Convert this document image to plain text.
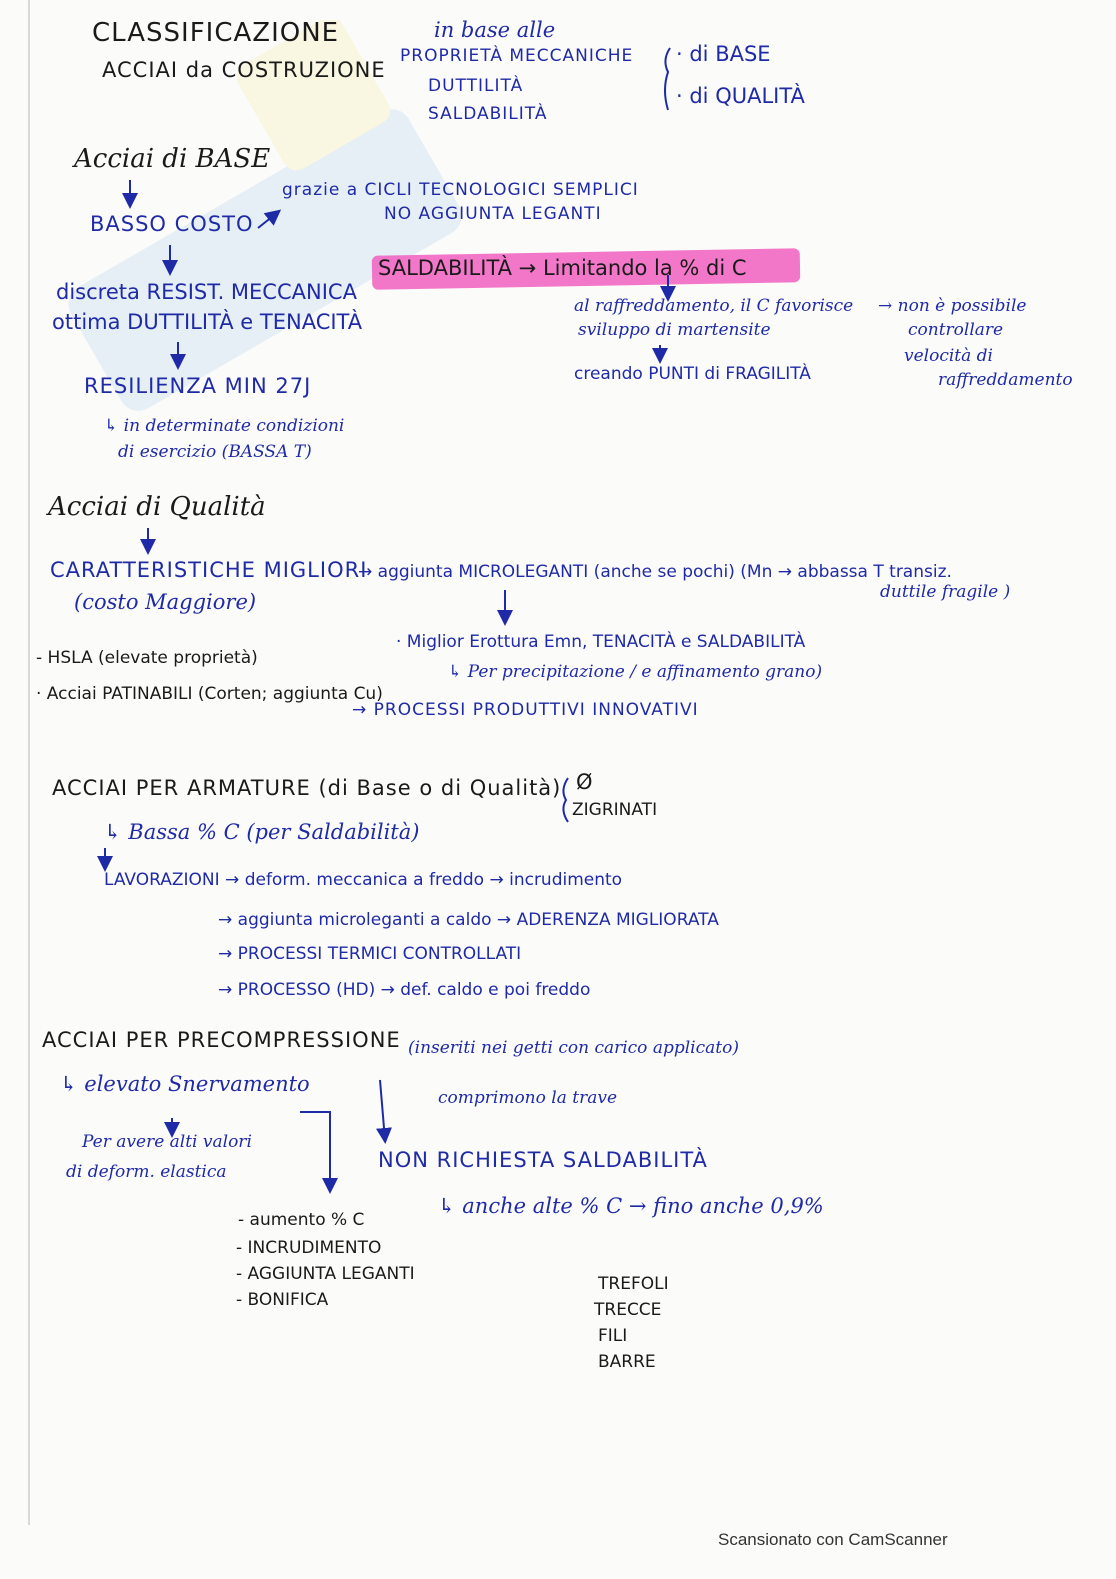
CLASSIFICAZIONE
ACCIAI da COSTRUZIONE
in base alle
PROPRIETÀ MECCANICHE
DUTTILITÀ
SALDABILITÀ
· di BASE
· di QUALITÀ
Acciai di BASE
BASSO COSTO
grazie a CICLI TECNOLOGICI SEMPLICI
NO AGGIUNTA LEGANTI
SALDABILITÀ → Limitando la % di C
al raffreddamento, il C favorisce
sviluppo di martensite
creando PUNTI di FRAGILITÀ
→ non è possibile
controllare
velocità di
raffreddamento
discreta RESIST. MECCANICA
ottima DUTTILITÀ e TENACITÀ
RESILIENZA MIN 27J
↳ in determinate condizioni
di esercizio (BASSA T)
Acciai di Qualità
CARATTERISTICHE MIGLIORI
(costo Maggiore)
→ aggiunta MICROLEGANTI (anche se pochi) (Mn → abbassa T transiz.
duttile fragile )
· Miglior Erottura Emn, TENACITÀ e SALDABILITÀ
↳ Per precipitazione / e affinamento grano)
- HSLA (elevate proprietà)
· Acciai PATINABILI (Corten; aggiunta Cu)
→ PROCESSI PRODUTTIVI INNOVATIVI
ACCIAI PER ARMATURE (di Base o di Qualità) Ø
ZIGRINATI
↳ Bassa % C (per Saldabilità)
LAVORAZIONI → deform. meccanica a freddo → incrudimento
→ aggiunta microleganti a caldo → ADERENZA MIGLIORATA
→ PROCESSI TERMICI CONTROLLATI
→ PROCESSO (HD) → def. caldo e poi freddo
ACCIAI PER PRECOMPRESSIONE (inseriti nei getti con carico applicato)
comprimono la trave
↳ elevato Snervamento
Per avere alti valori
di deform. elastica
- aumento % C
- INCRUDIMENTO
- AGGIUNTA LEGANTI
- BONIFICA
NON RICHIESTA SALDABILITÀ
↳ anche alte % C → fino anche 0,9%
TREFOLI
TRECCE
FILI
BARRE
Scansionato con CamScanner
